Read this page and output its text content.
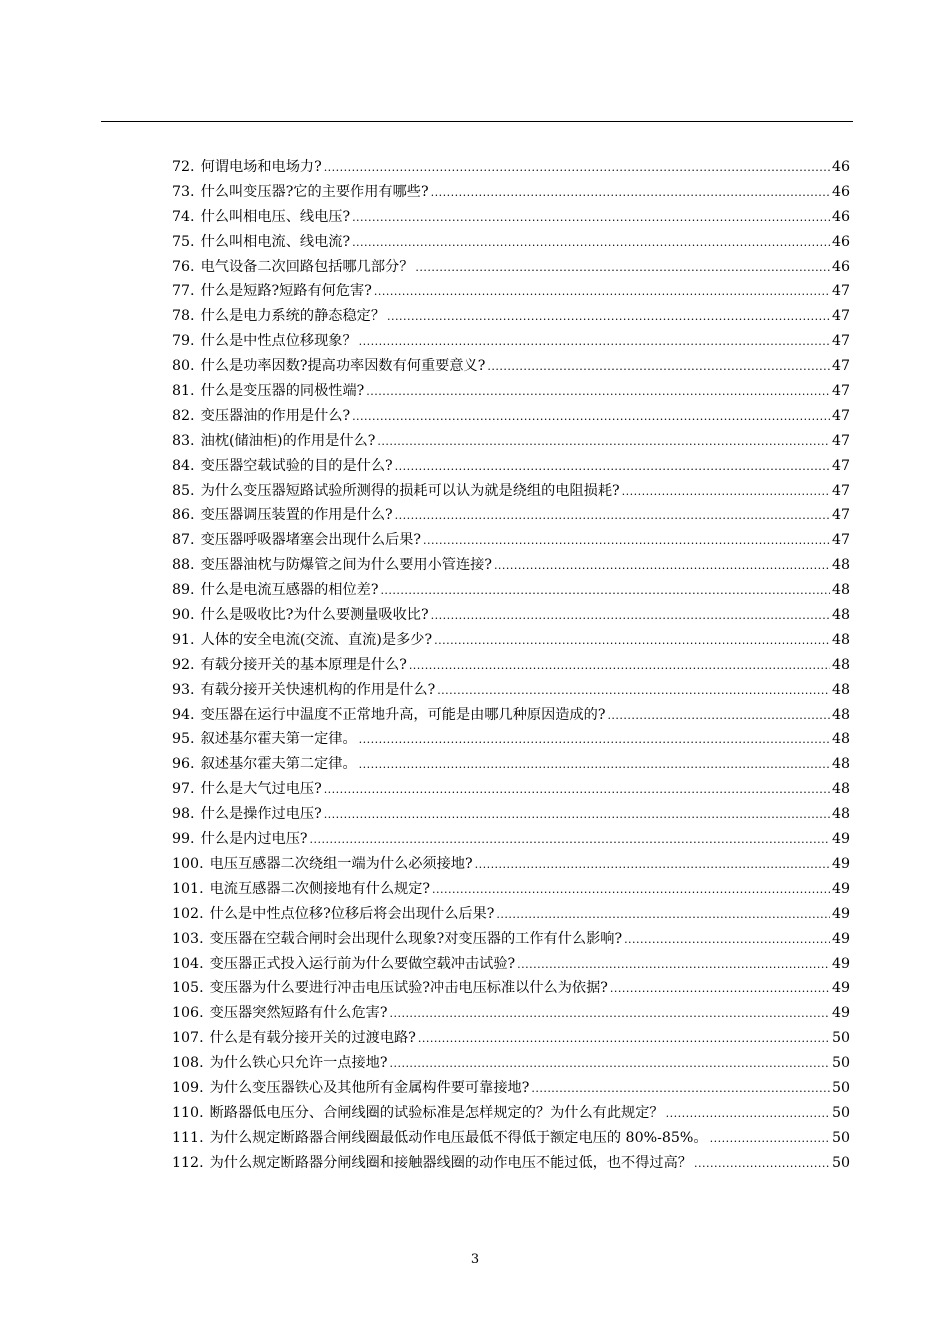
72. 何谓电场和电场力? .....	46
73. 什么叫变压器?它的主要作用有哪些? .....	46
74. 什么叫相电压、线电压? .....	46
75. 什么叫相电流、线电流? .....	46
76. 电气设备二次回路包括哪几部分？ .....	46
77. 什么是短路?短路有何危害? .....	47
78. 什么是电力系统的静态稳定？ .....	47
79. 什么是中性点位移现象？ .....	47
80. 什么是功率因数?提高功率因数有何重要意义? .....	47
81. 什么是变压器的同极性端? .....	47
82. 变压器油的作用是什么? .....	47
83. 油枕(储油柜)的作用是什么? .....	47
84. 变压器空载试验的目的是什么? .....	47
85. 为什么变压器短路试验所测得的损耗可以认为就是绕组的电阻损耗? .....	47
86. 变压器调压装置的作用是什么? .....	47
87. 变压器呼吸器堵塞会出现什么后果? .....	47
88. 变压器油枕与防爆管之间为什么要用小管连接? .....	48
89. 什么是电流互感器的相位差? .....	48
90. 什么是吸收比?为什么要测量吸收比? .....	48
91. 人体的安全电流(交流、直流)是多少? .....	48
92. 有载分接开关的基本原理是什么? .....	48
93. 有载分接开关快速机构的作用是什么? .....	48
94. 变压器在运行中温度不正常地升高，可能是由哪几种原因造成的? .....	48
95. 叙述基尔霍夫第一定律。 .....	48
96. 叙述基尔霍夫第二定律。 .....	48
97. 什么是大气过电压? .....	48
98. 什么是操作过电压? .....	48
99. 什么是内过电压? .....	49
100. 电压互感器二次绕组一端为什么必须接地? .....	49
101. 电流互感器二次侧接地有什么规定? .....	49
102. 什么是中性点位移?位移后将会出现什么后果? .....	49
103. 变压器在空载合闸时会出现什么现象?对变压器的工作有什么影响? .....	49
104. 变压器正式投入运行前为什么要做空载冲击试验? .....	49
105. 变压器为什么要进行冲击电压试验?冲击电压标准以什么为依据? .....	49
106. 变压器突然短路有什么危害? .....	49
107. 什么是有载分接开关的过渡电路? .....	50
108. 为什么铁心只允许一点接地? .....	50
109. 为什么变压器铁心及其他所有金属构件要可靠接地? .....	50
110. 断路器低电压分、合闸线圈的试验标准是怎样规定的？为什么有此规定？ .....	50
111. 为什么规定断路器合闸线圈最低动作电压最低不得低于额定电压的 80%-85%。 .....	50
112. 为什么规定断路器分闸线圈和接触器线圈的动作电压不能过低，也不得过高？ .....	50
3
